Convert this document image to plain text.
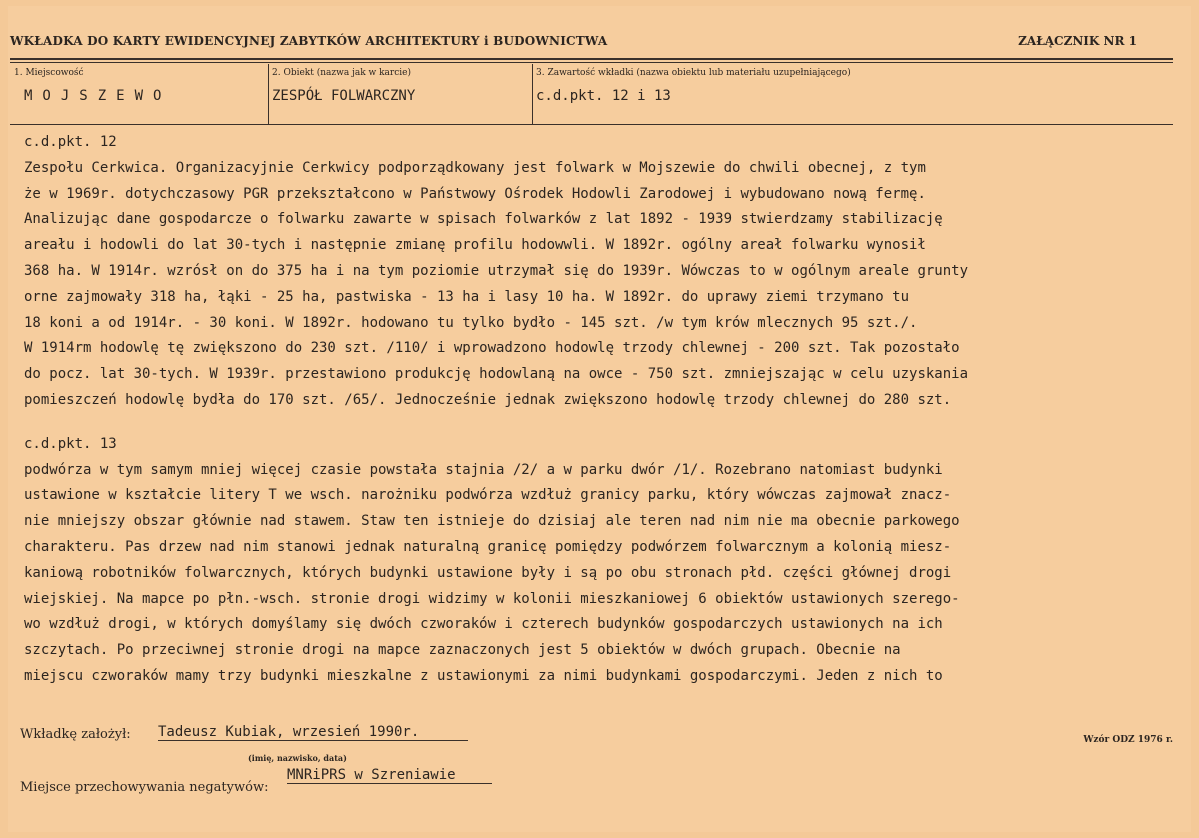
WKŁADKA DO KARTY EWIDENCYJNEJ ZABYTKÓW ARCHITEKTURY i BUDOWNICTWA	ZAŁĄCZNIK NR 1
1. Miejscowość
MOJSZEWO
2. Obiekt (nazwa jak w karcie)
ZESPÓŁ FOLWARCZNY
3. Zawartość wkładki (nazwa obiektu lub materiału uzupełniającego)
c.d.pkt. 12 i 13

c.d.pkt. 12

Zespołu Cerkwica. Organizacyjnie Cerkwicy podporządkowany jest folwark w Mojszewie do chwili obecnej, z tym

że w 1969r. dotychczasowy PGR przekształcono w Państwowy Ośrodek Hodowli Zarodowej i wybudowano nową fermę.

Analizując dane gospodarcze o folwarku zawarte w spisach folwarków z lat 1892 - 1939 stwierdzamy stabilizację

areału i hodowli do lat 30-tych i następnie zmianę profilu hodowwli. W 1892r. ogólny areał folwarku wynosił

368 ha. W 1914r. wzrósł on do 375 ha i na tym poziomie utrzymał się do 1939r. Wówczas to w ogólnym areale grunty

orne zajmowały 318 ha, łąki - 25 ha, pastwiska - 13 ha i lasy 10 ha. W 1892r. do uprawy ziemi trzymano tu

18 koni a od 1914r. - 30 koni. W 1892r. hodowano tu tylko bydło - 145 szt. /w tym krów mlecznych 95 szt./.

W 1914rm hodowlę tę zwiększono do 230 szt. /110/ i wprowadzono hodowlę trzody chlewnej - 200 szt. Tak pozostało

do pocz. lat 30-tych. W 1939r. przestawiono produkcję hodowlaną na owce - 750 szt. zmniejszając w celu uzyskania

pomieszczeń hodowlę bydła do 170 szt. /65/. Jednocześnie jednak zwiększono hodowlę trzody chlewnej do 280 szt.

c.d.pkt. 13

podwórza w tym samym mniej więcej czasie powstała stajnia /2/ a w parku dwór /1/. Rozebrano natomiast budynki

ustawione w kształcie litery T we wsch. narożniku podwórza wzdłuż granicy parku, który wówczas zajmował znacz-

nie mniejszy obszar głównie nad stawem. Staw ten istnieje do dzisiaj ale teren nad nim nie ma obecnie parkowego

charakteru. Pas drzew nad nim stanowi jednak naturalną granicę pomiędzy podwórzem folwarcznym a kolonią miesz-

kaniową robotników folwarcznych, których budynki ustawione były i są po obu stronach płd. części głównej drogi

wiejskiej. Na mapce po płn.-wsch. stronie drogi widzimy w kolonii mieszkaniowej 6 obiektów ustawionych szerego-

wo wzdłuż drogi, w których domyślamy się dwóch czworaków i czterech budynków gospodarczych ustawionych na ich

szczytach. Po przeciwnej stronie drogi na mapce zaznaczonych jest 5 obiektów w dwóch grupach. Obecnie na

miejscu czworaków mamy trzy budynki mieszkalne z ustawionymi za nimi budynkami gospodarczymi. Jeden z nich to

Wkładkę założył: Tadeusz Kubiak, wrzesień 1990r.
(imię, nazwisko, data)
Miejsce przechowywania negatywów:
MNRiPRS w Szreniawie
Wzór ODZ 1976 r.
